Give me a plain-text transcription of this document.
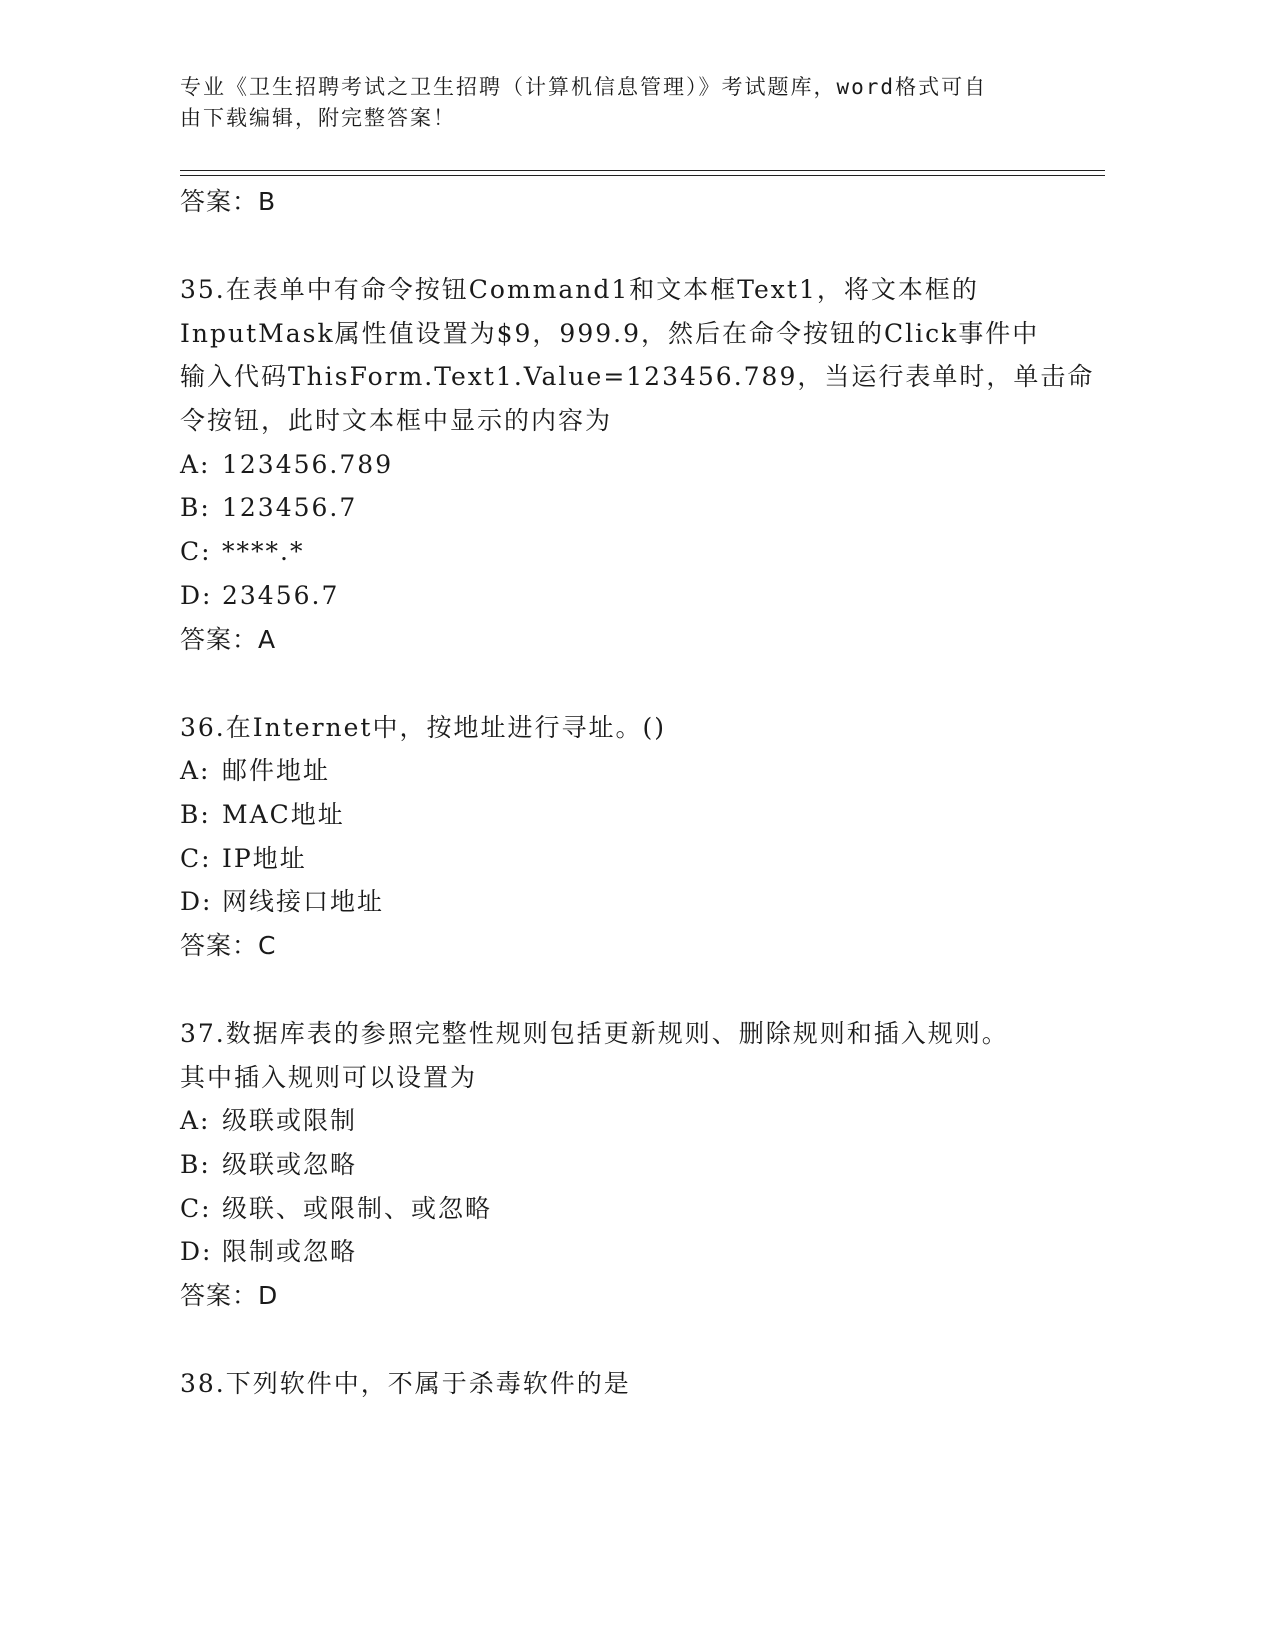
专业《卫生招聘考试之卫生招聘（计算机信息管理）》考试题库，word格式可自
由下载编辑，附完整答案！
答案：B
35.在表单中有命令按钮Command1和文本框Text1，将文本框的
InputMask属性值设置为$9，999.9，然后在命令按钮的Click事件中
输入代码ThisForm.Text1.Value=123456.789，当运行表单时，单击命
令按钮，此时文本框中显示的内容为
A: 123456.789
B: 123456.7
C: ****.*
D: 23456.7
答案：A
36.在Internet中，按地址进行寻址。()
A: 邮件地址
B: MAC地址
C: IP地址
D: 网线接口地址
答案：C
37.数据库表的参照完整性规则包括更新规则、删除规则和插入规则。
其中插入规则可以设置为
A: 级联或限制
B: 级联或忽略
C: 级联、或限制、或忽略
D: 限制或忽略
答案：D
38.下列软件中，不属于杀毒软件的是
